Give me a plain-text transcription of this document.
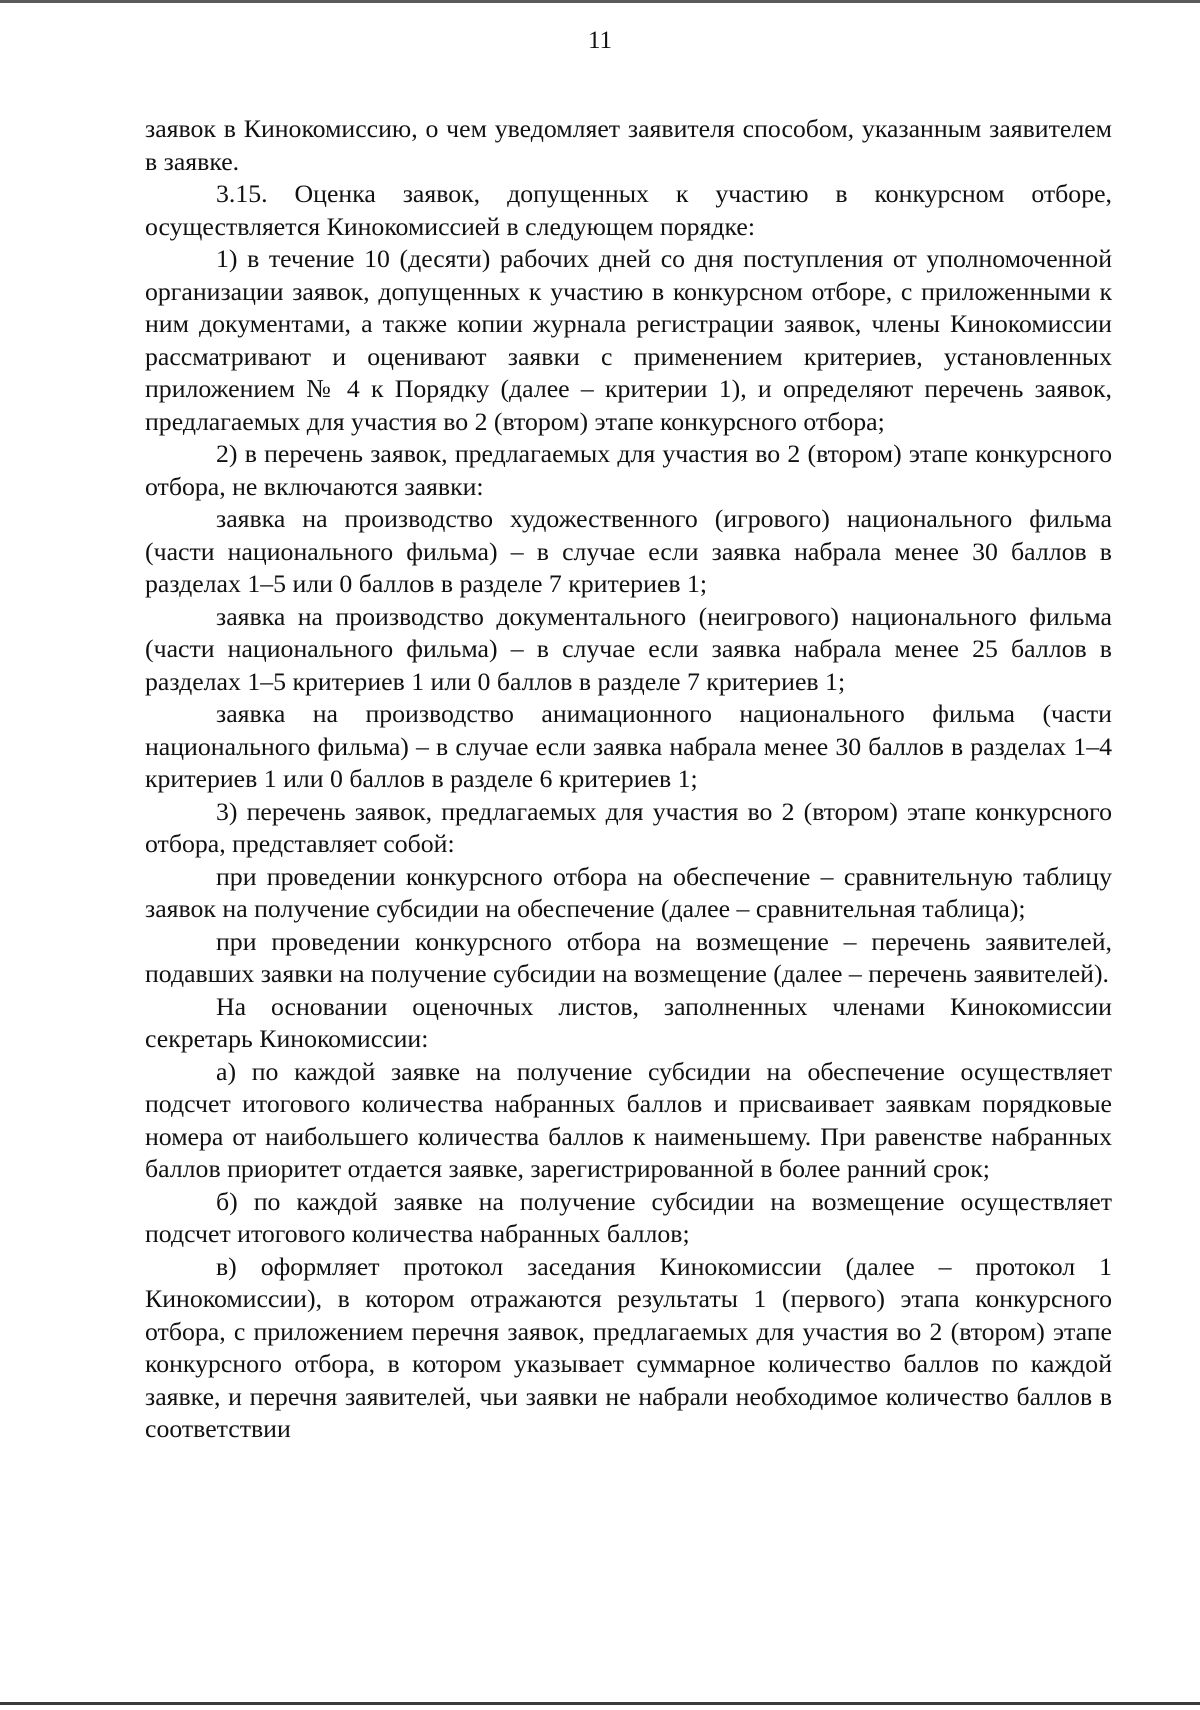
11

заявок в Кинокомиссию, о чем уведомляет заявителя способом, указанным заявителем в заявке.

3.15. Оценка заявок, допущенных к участию в конкурсном отборе, осуществляется Кинокомиссией в следующем порядке:

1) в течение 10 (десяти) рабочих дней со дня поступления от уполномоченной организации заявок, допущенных к участию в конкурсном отборе, с приложенными к ним документами, а также копии журнала регистрации заявок, члены Кинокомиссии рассматривают и оценивают заявки с применением критериев, установленных приложением № 4 к Порядку (далее – критерии 1), и определяют перечень заявок, предлагаемых для участия во 2 (втором) этапе конкурсного отбора;

2) в перечень заявок, предлагаемых для участия во 2 (втором) этапе конкурсного отбора, не включаются заявки:

заявка на производство художественного (игрового) национального фильма (части национального фильма) – в случае если заявка набрала менее 30 баллов в разделах 1–5 или 0 баллов в разделе 7 критериев 1;

заявка на производство документального (неигрового) национального фильма (части национального фильма) – в случае если заявка набрала менее 25 баллов в разделах 1–5 критериев 1 или 0 баллов в разделе 7 критериев 1;

заявка на производство анимационного национального фильма (части национального фильма) – в случае если заявка набрала менее 30 баллов в разделах 1–4 критериев 1 или 0 баллов в разделе 6 критериев 1;

3) перечень заявок, предлагаемых для участия во 2 (втором) этапе конкурсного отбора, представляет собой:

при проведении конкурсного отбора на обеспечение – сравнительную таблицу заявок на получение субсидии на обеспечение (далее – сравнительная таблица);

при проведении конкурсного отбора на возмещение – перечень заявителей, подавших заявки на получение субсидии на возмещение (далее – перечень заявителей).

На основании оценочных листов, заполненных членами Кинокомиссии секретарь Кинокомиссии:

а) по каждой заявке на получение субсидии на обеспечение осуществляет подсчет итогового количества набранных баллов и присваивает заявкам порядковые номера от наибольшего количества баллов к наименьшему. При равенстве набранных баллов приоритет отдается заявке, зарегистрированной в более ранний срок;

б) по каждой заявке на получение субсидии на возмещение осуществляет подсчет итогового количества набранных баллов;

в) оформляет протокол заседания Кинокомиссии (далее – протокол 1 Кинокомиссии), в котором отражаются результаты 1 (первого) этапа конкурсного отбора, с приложением перечня заявок, предлагаемых для участия во 2 (втором) этапе конкурсного отбора, в котором указывает суммарное количество баллов по каждой заявке, и перечня заявителей, чьи заявки не набрали необходимое количество баллов в соответствии
